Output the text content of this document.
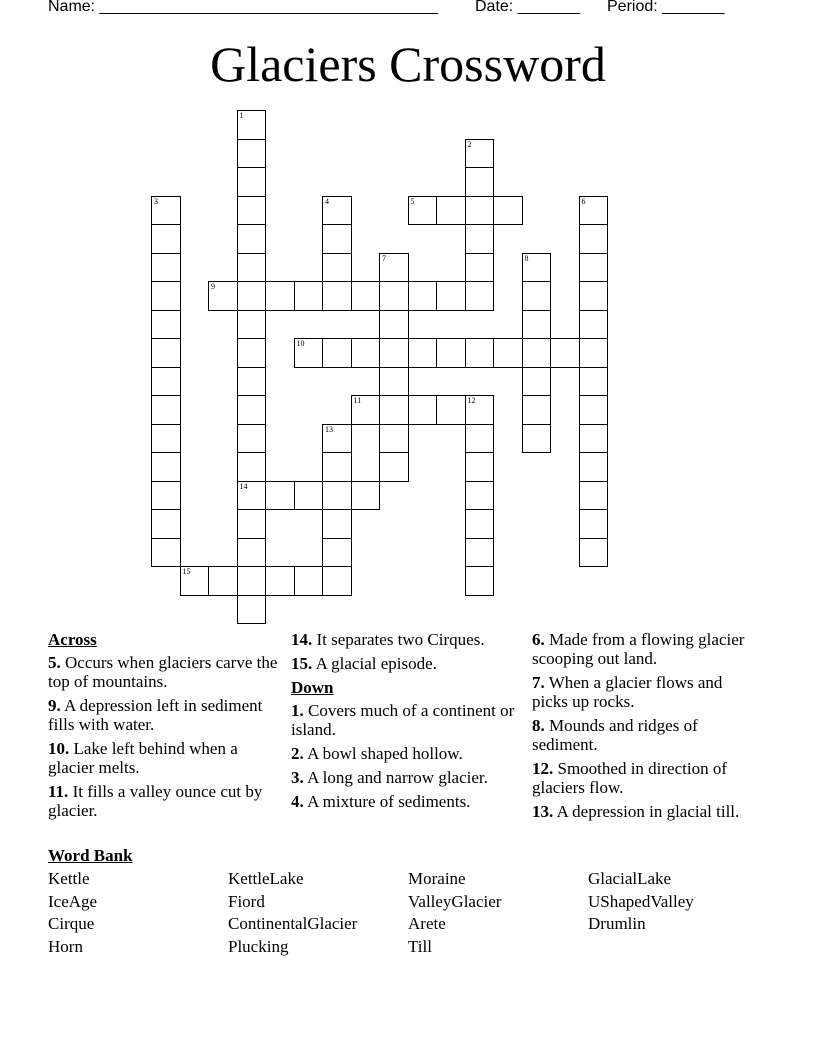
Name: ______________________________________ Date: _______ Period: _______
Glaciers Crossword
1
14
2
3	4	5	6
7	8
9
10
11	12
13
15
Across
5. Occurs when glaciers carve the top of mountains.
9. A depression left in sediment fills with water.
10. Lake left behind when a glacier melts.
11. It fills a valley ounce cut by glacier.
14. It separates two Cirques.
15. A glacial episode.
Down
1. Covers much of a continent or island.
2. A bowl shaped hollow.
3. A long and narrow glacier.
4. A mixture of sediments.
6. Made from a flowing glacier scooping out land.
7. When a glacier flows and picks up rocks.
8. Mounds and ridges of sediment.
12. Smoothed in direction of glaciers flow.
13. A depression in glacial till.
Word Bank
Kettle	KettleLake	Moraine	GlacialLake
IceAge	Fiord	ValleyGlacier	UShapedValley
Cirque	ContinentalGlacier	Arete	Drumlin
Horn	Plucking	Till
